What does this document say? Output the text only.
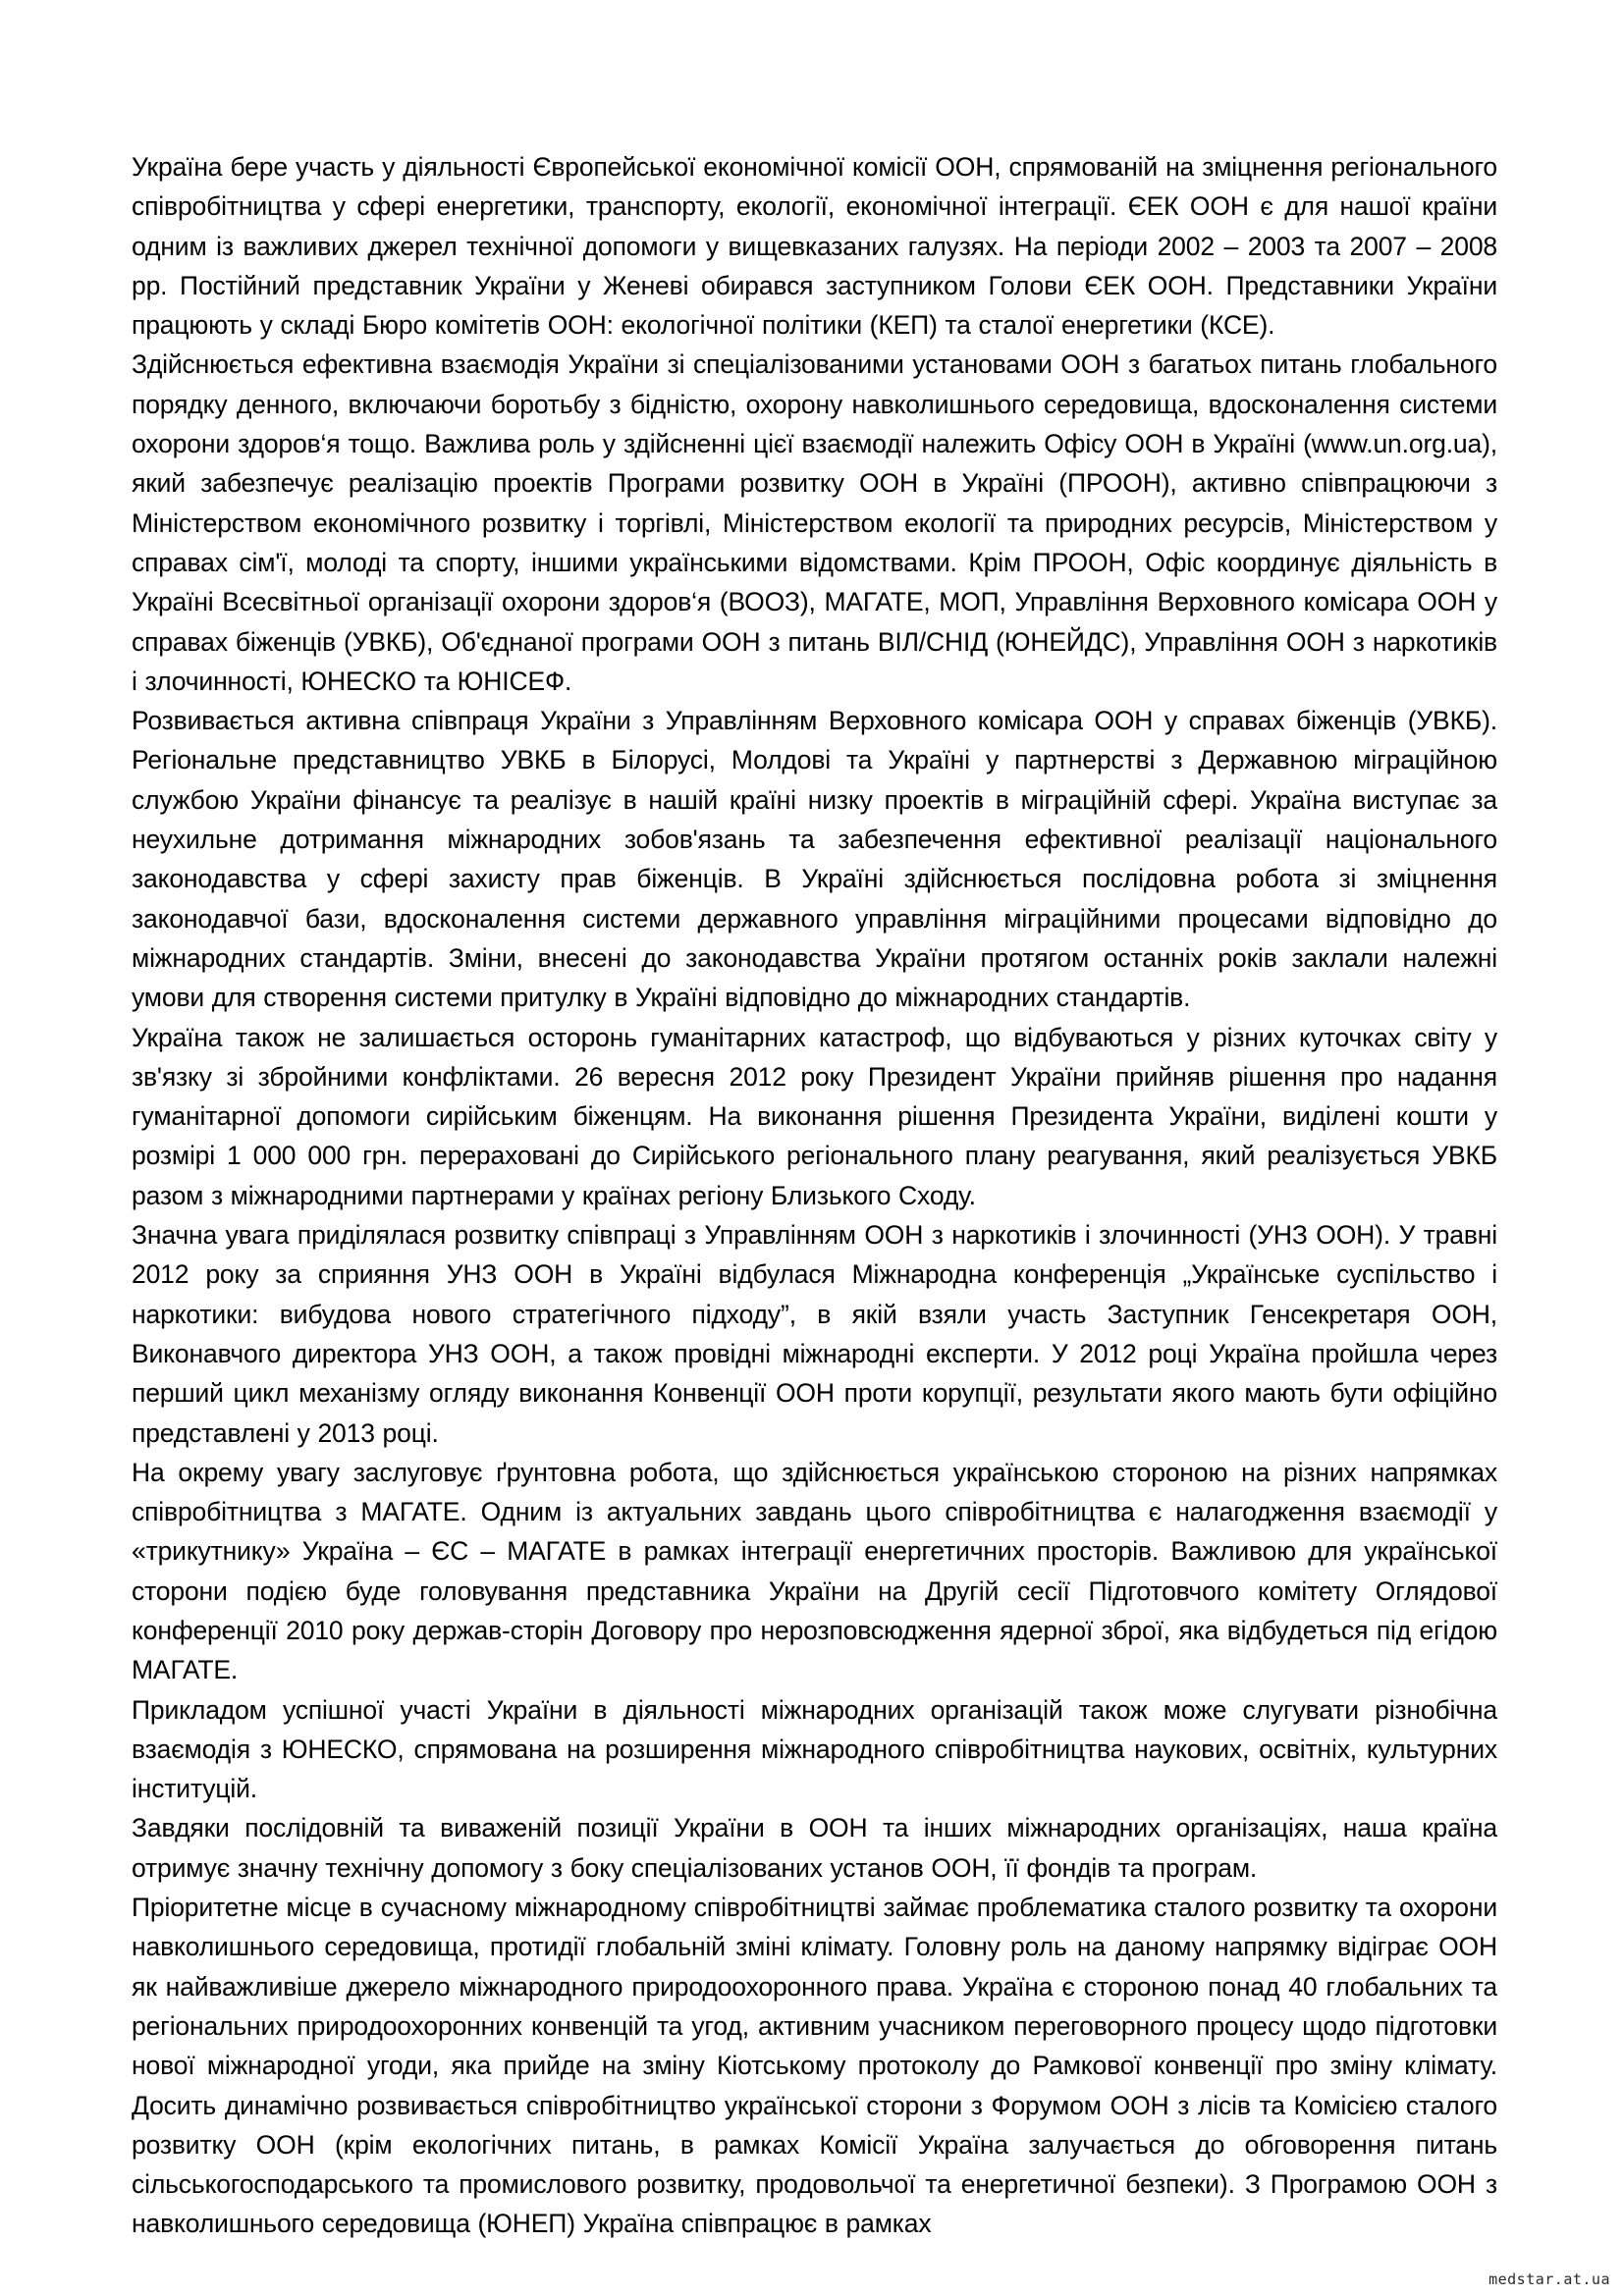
Україна бере участь у діяльності Європейської економічної комісії ООН, спрямованій на зміцнення регіонального співробітництва у сфері енергетики, транспорту, екології, економічної інтеграції. ЄЕК ООН є для нашої країни одним із важливих джерел технічної допомоги у вищевказаних галузях. На періоди 2002 – 2003 та 2007 – 2008 рр. Постійний представник України у Женеві обирався заступником Голови ЄЕК ООН. Представники України працюють у складі Бюро комітетів ООН: екологічної політики (КЕП) та сталої енергетики (КСЕ).

Здійснюється ефективна взаємодія України зі спеціалізованими установами ООН з багатьох питань глобального порядку денного, включаючи боротьбу з бідністю, охорону навколишнього середовища, вдосконалення системи охорони здоров‘я тощо. Важлива роль у здійсненні цієї взаємодії належить Офісу ООН в Україні (www.un.org.ua), який забезпечує реалізацію проектів Програми розвитку ООН в Україні (ПРООН), активно співпрацюючи з Міністерством економічного розвитку і торгівлі, Міністерством екології та природних ресурсів, Міністерством у справах сім'ї, молоді та спорту, іншими українськими відомствами. Крім ПРООН, Офіс координує діяльність в Україні Всесвітньої організації охорони здоров‘я (ВООЗ), МАГАТЕ, МОП, Управління Верховного комісара ООН у справах біженців (УВКБ), Об'єднаної програми ООН з питань ВІЛ/СНІД (ЮНЕЙДС), Управління ООН з наркотиків і злочинності, ЮНЕСКО та ЮНІСЕФ.

Розвивається активна співпраця України з Управлінням Верховного комісара ООН у справах біженців (УВКБ). Регіональне представництво УВКБ в Білорусі, Молдові та Україні у партнерстві з Державною міграційною службою України фінансує та реалізує в нашій країні низку проектів в міграційній сфері. Україна виступає за неухильне дотримання міжнародних зобов'язань та забезпечення ефективної реалізації національного законодавства у сфері захисту прав біженців. В Україні здійснюється послідовна робота зі зміцнення законодавчої бази, вдосконалення системи державного управління міграційними процесами відповідно до міжнародних стандартів. Зміни, внесені до законодавства України протягом останніх років заклали належні умови для створення системи притулку в Україні відповідно до міжнародних стандартів.

Україна також не залишається осторонь гуманітарних катастроф, що відбуваються у різних куточках світу у зв'язку зі збройними конфліктами. 26 вересня 2012 року Президент України прийняв рішення про надання гуманітарної допомоги сирійським біженцям. На виконання рішення Президента України, виділені кошти у розмірі 1 000 000 грн. перераховані до Сирійського регіонального плану реагування, який реалізується УВКБ разом з міжнародними партнерами у країнах регіону Близького Сходу.

Значна увага приділялася розвитку співпраці з Управлінням ООН з наркотиків і злочинності (УНЗ ООН). У травні 2012 року за сприяння УНЗ ООН в Україні відбулася Міжнародна конференція „Українське суспільство і наркотики: вибудова нового стратегічного підходу”, в якій взяли участь Заступник Генсекретаря ООН, Виконавчого директора УНЗ ООН, а також провідні міжнародні експерти. У 2012 році Україна пройшла через перший цикл механізму огляду виконання Конвенції ООН проти корупції, результати якого мають бути офіційно представлені у 2013 році.

На окрему увагу заслуговує ґрунтовна робота, що здійснюється українською стороною на різних напрямках співробітництва з МАГАТЕ. Одним із актуальних завдань цього співробітництва є налагодження взаємодії у «трикутнику» Україна – ЄС – МАГАТЕ в рамках інтеграції енергетичних просторів. Важливою для української сторони подією буде головування представника України на Другій сесії Підготовчого комітету Оглядової конференції 2010 року держав-сторін Договору про нерозповсюдження ядерної зброї, яка відбудеться під егідою МАГАТЕ.

Прикладом успішної участі України в діяльності міжнародних організацій також може слугувати різнобічна взаємодія з ЮНЕСКО, спрямована на розширення міжнародного співробітництва наукових, освітніх, культурних інституцій.

Завдяки послідовній та виваженій позиції України в ООН та інших міжнародних організаціях, наша країна отримує значну технічну допомогу з боку спеціалізованих установ ООН, її фондів та програм.

Пріоритетне місце в сучасному міжнародному співробітництві займає проблематика сталого розвитку та охорони навколишнього середовища, протидії глобальній зміні клімату. Головну роль на даному напрямку відіграє ООН як найважливіше джерело міжнародного природоохоронного права. Україна є стороною понад 40 глобальних та регіональних природоохоронних конвенцій та угод, активним учасником переговорного процесу щодо підготовки нової міжнародної угоди, яка прийде на зміну Кіотському протоколу до Рамкової конвенції про зміну клімату. Досить динамічно розвивається співробітництво української сторони з Форумом ООН з лісів та Комісією сталого розвитку ООН (крім екологічних питань, в рамках Комісії Україна залучається до обговорення питань сільськогосподарського та промислового розвитку, продовольчої та енергетичної безпеки). З Програмою ООН з навколишнього середовища (ЮНЕП) Україна співпрацює в рамках

medstar.at.ua
